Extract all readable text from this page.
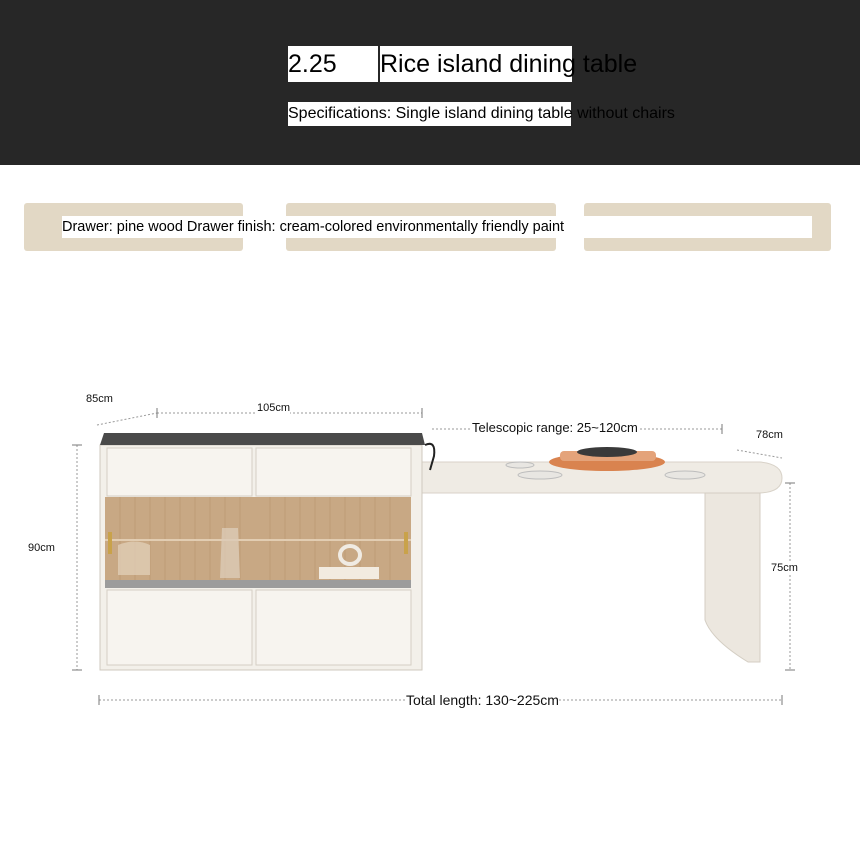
2.25	Rice island dining table
Specifications: Single island dining table without chairs
Drawer: pine wood Drawer finish: cream-colored environmentally friendly paint
85cm
105cm
Telescopic range: 25~120cm	78cm
90cm
75cm
Total length: 130~225cm
